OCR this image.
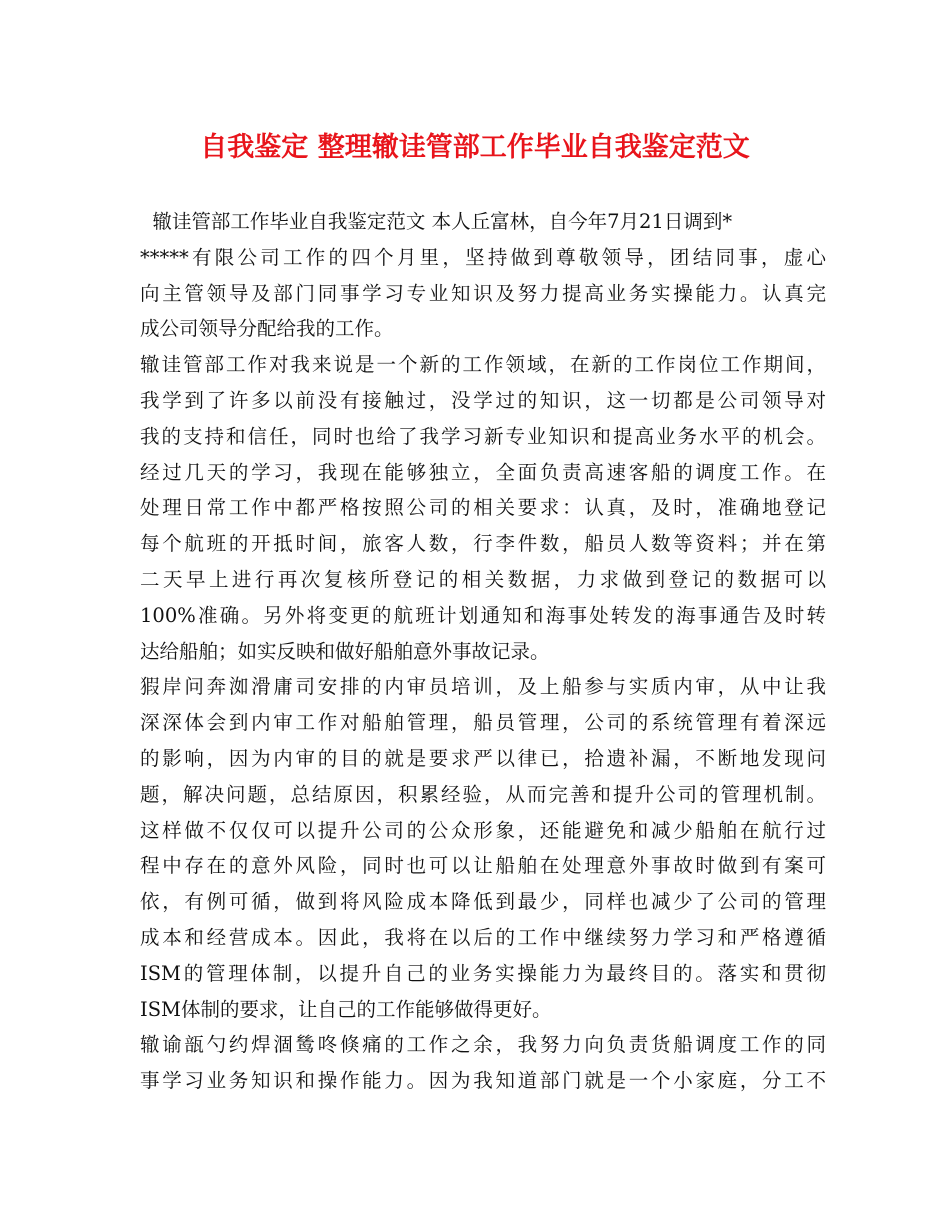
自我鉴定 整理辙诖管部工作毕业自我鉴定范文
辙诖管部工作毕业自我鉴定范文 本人丘富林，自今年7月21日调到*
*****有限公司工作的四个月里，坚持做到尊敬领导，团结同事，虚心
向主管领导及部门同事学习专业知识及努力提高业务实操能力。认真完
成公司领导分配给我的工作。
辙诖管部工作对我来说是一个新的工作领域，在新的工作岗位工作期间，
我学到了许多以前没有接触过，没学过的知识，这一切都是公司领导对
我的支持和信任，同时也给了我学习新专业知识和提高业务水平的机会。
经过几天的学习，我现在能够独立，全面负责高速客船的调度工作。在
处理日常工作中都严格按照公司的相关要求：认真，及时，准确地登记
每个航班的开抵时间，旅客人数，行李件数，船员人数等资料；并在第
二天早上进行再次复核所登记的相关数据，力求做到登记的数据可以
100%准确。另外将变更的航班计划通知和海事处转发的海事通告及时转
达给船舶；如实反映和做好船舶意外事故记录。
猳岸问奔洳滑庸司安排的内审员培训，及上船参与实质内审，从中让我
深深体会到内审工作对船舶管理，船员管理，公司的系统管理有着深远
的影响，因为内审的目的就是要求严以律已，拾遗补漏，不断地发现问
题，解决问题，总结原因，积累经验，从而完善和提升公司的管理机制。
这样做不仅仅可以提升公司的公众形象，还能避免和减少船舶在航行过
程中存在的意外风险，同时也可以让船舶在处理意外事故时做到有案可
依，有例可循，做到将风险成本降低到最少，同样也减少了公司的管理
成本和经营成本。因此，我将在以后的工作中继续努力学习和严格遵循
ISM的管理体制，以提升自己的业务实操能力为最终目的。落实和贯彻
ISM体制的要求，让自己的工作能够做得更好。
辙谕瓿勺约焊涸鸶咚倏痛的工作之余，我努力向负责货船调度工作的同
事学习业务知识和操作能力。因为我知道部门就是一个小家庭，分工不
